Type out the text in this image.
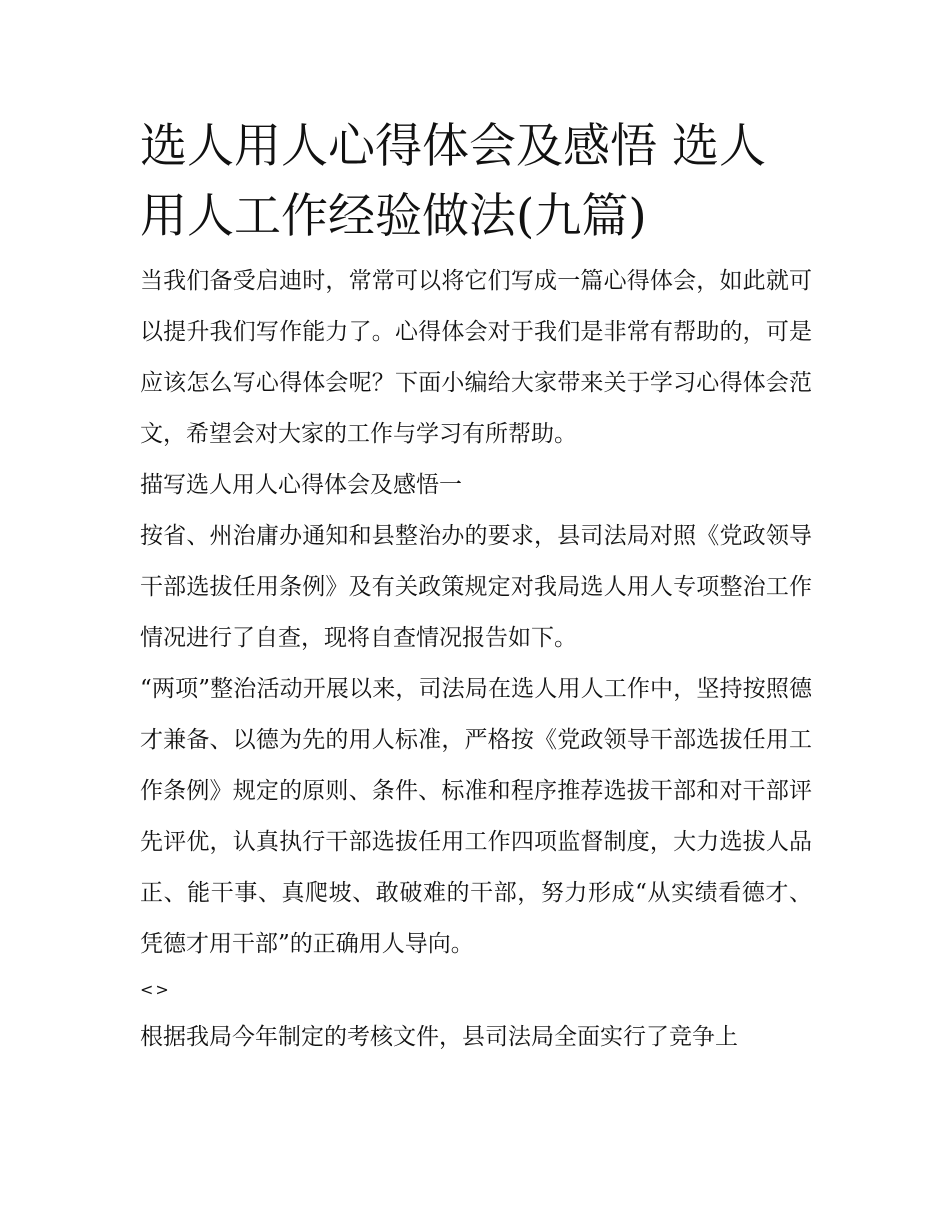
选人用人心得体会及感悟 选人用人工作经验做法(九篇)

当我们备受启迪时，常常可以将它们写成一篇心得体会，如此就可以提升我们写作能力了。心得体会对于我们是非常有帮助的，可是应该怎么写心得体会呢？下面小编给大家带来关于学习心得体会范文，希望会对大家的工作与学习有所帮助。

描写选人用人心得体会及感悟一

按省、州治庸办通知和县整治办的要求，县司法局对照《党政领导干部选拔任用条例》及有关政策规定对我局选人用人专项整治工作情况进行了自查，现将自查情况报告如下。

“两项”整治活动开展以来，司法局在选人用人工作中，坚持按照德才兼备、以德为先的用人标准，严格按《党政领导干部选拔任用工作条例》规定的原则、条件、标准和程序推荐选拔干部和对干部评先评优，认真执行干部选拔任用工作四项监督制度，大力选拔人品正、能干事、真爬坡、敢破难的干部，努力形成“从实绩看德才、凭德才用干部”的正确用人导向。

<>

根据我局今年制定的考核文件，县司法局全面实行了竞争上
